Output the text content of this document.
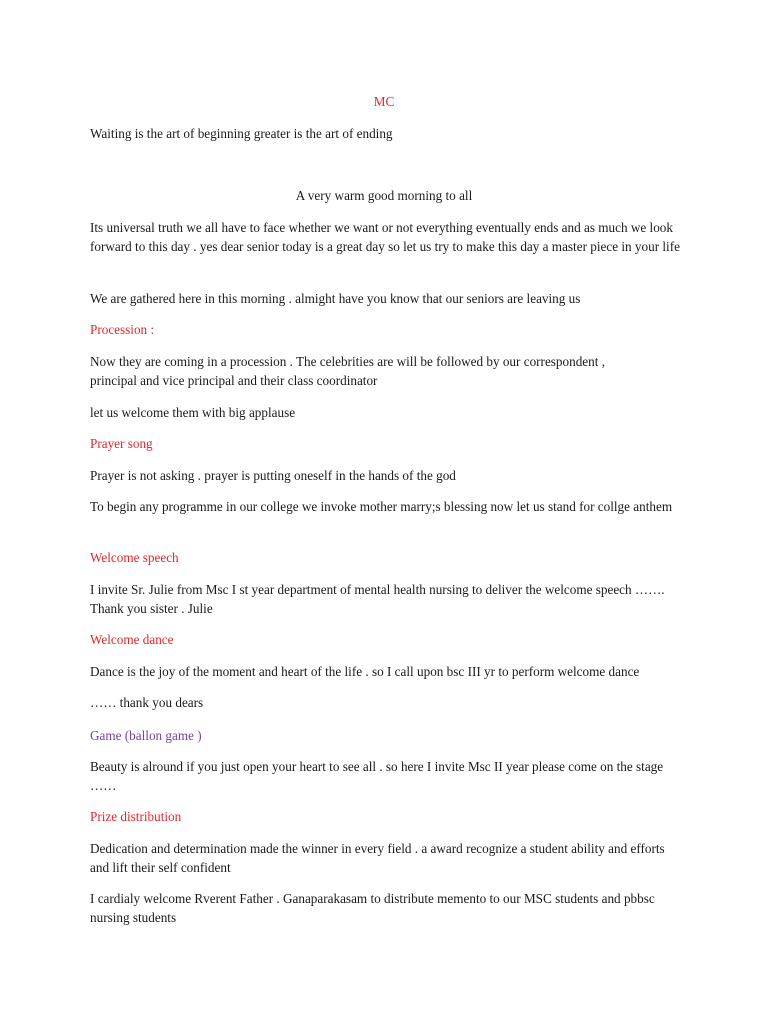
MC
Waiting is the art of beginning greater is the art of ending
A very warm good morning to all
Its universal truth we all have to face whether we want or not everything eventually ends and as much we look forward to this day . yes dear senior today is a great day so let us try to make this day a master piece in your life
We are gathered here in this morning . almight have you know that our seniors are leaving us
Procession :
Now they are coming in a procession . The celebrities are will be followed by our correspondent , principal and vice principal and their class coordinator
let us welcome them with big applause
Prayer song
Prayer is not asking . prayer is putting oneself in the hands of the god
To begin any programme in our college we invoke mother marry;s blessing now let us stand for collge anthem
Welcome speech
I invite Sr. Julie from Msc I st year department of mental health nursing to deliver the welcome speech ……. Thank you sister . Julie
Welcome dance
Dance is the joy of the moment and heart of the life . so I call upon bsc III yr to perform welcome dance
…… thank you dears
Game (ballon game )
Beauty is alround if you just open your heart to see all . so here I invite Msc II year please come on the stage ……
Prize distribution
Dedication and determination made the winner in every field . a award recognize a student ability and efforts and lift their self confident
I cardialy welcome Rverent Father . Ganaparakasam to distribute memento to our MSC students and pbbsc nursing students
